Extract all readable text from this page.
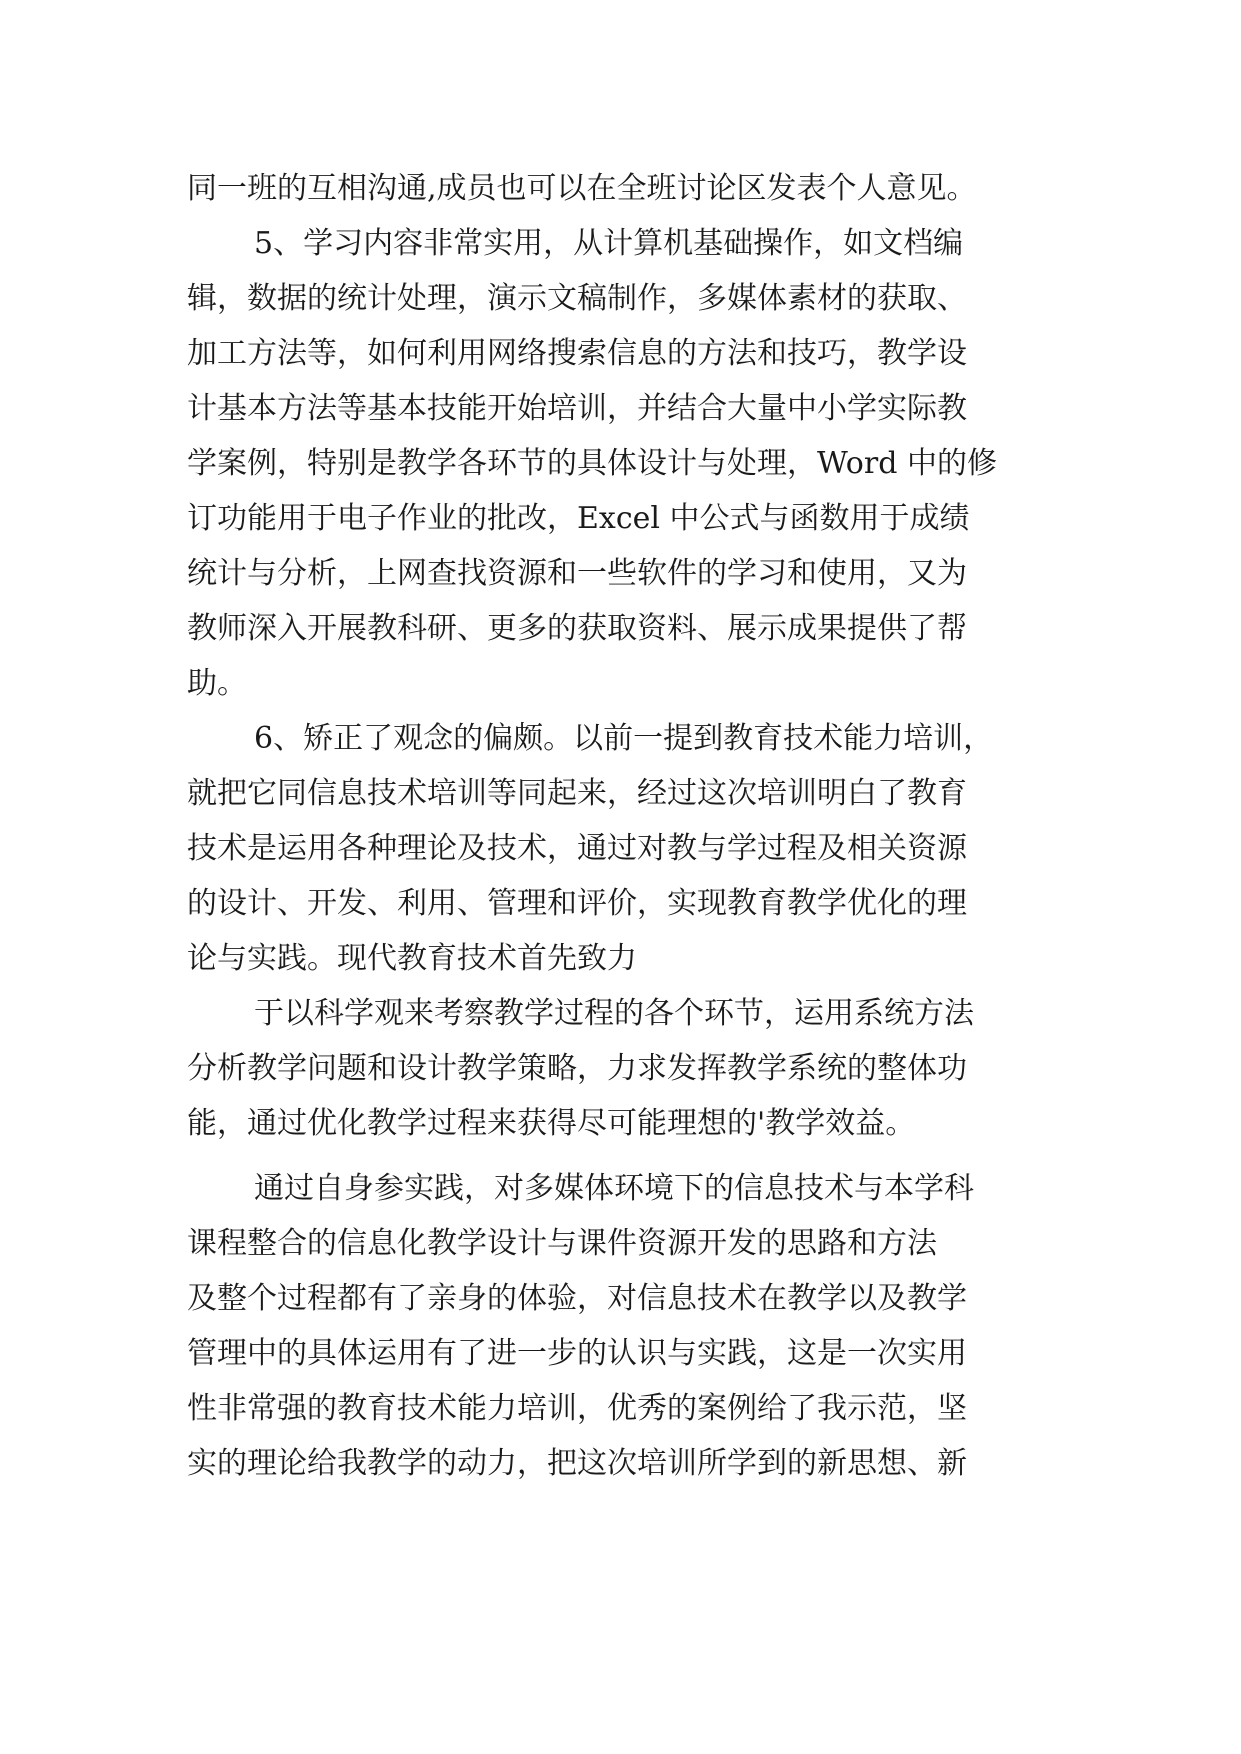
同一班的互相沟通,成员也可以在全班讨论区发表个人意见。
5、学习内容非常实用，从计算机基础操作，如文档编
辑，数据的统计处理，演示文稿制作，多媒体素材的获取、
加工方法等，如何利用网络搜索信息的方法和技巧，教学设
计基本方法等基本技能开始培训，并结合大量中小学实际教
学案例，特别是教学各环节的具体设计与处理，Word 中的修
订功能用于电子作业的批改，Excel 中公式与函数用于成绩
统计与分析，上网查找资源和一些软件的学习和使用，又为
教师深入开展教科研、更多的获取资料、展示成果提供了帮
助。
6、矫正了观念的偏颇。以前一提到教育技术能力培训，
就把它同信息技术培训等同起来，经过这次培训明白了教育
技术是运用各种理论及技术，通过对教与学过程及相关资源
的设计、开发、利用、管理和评价，实现教育教学优化的理
论与实践。现代教育技术首先致力
于以科学观来考察教学过程的各个环节，运用系统方法
分析教学问题和设计教学策略，力求发挥教学系统的整体功
能，通过优化教学过程来获得尽可能理想的'教学效益。
通过自身参实践，对多媒体环境下的信息技术与本学科
课程整合的信息化教学设计与课件资源开发的思路和方法
及整个过程都有了亲身的体验，对信息技术在教学以及教学
管理中的具体运用有了进一步的认识与实践，这是一次实用
性非常强的教育技术能力培训，优秀的案例给了我示范，坚
实的理论给我教学的动力，把这次培训所学到的新思想、新
